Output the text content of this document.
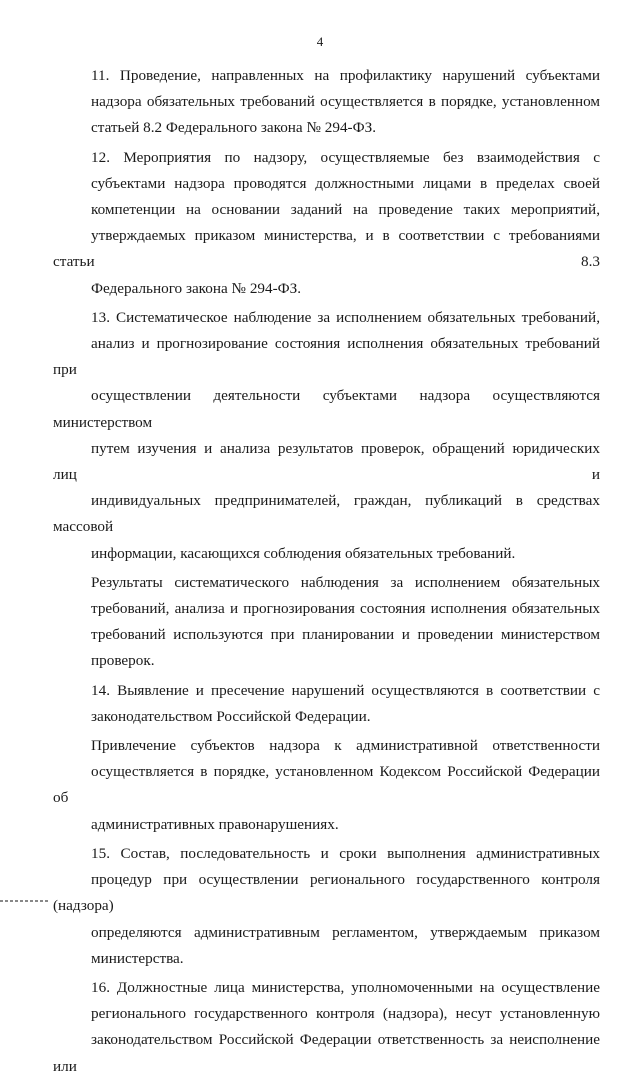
4

11. Проведение, направленных на профилактику нарушений субъектами
надзора обязательных требований осуществляется в порядке, установленном
статьей 8.2 Федерального закона № 294-ФЗ.

12. Мероприятия по надзору, осуществляемые без взаимодействия с
субъектами надзора проводятся должностными лицами в пределах своей
компетенции на основании заданий на проведение таких мероприятий,
утверждаемых приказом министерства, и в соответствии с требованиями статьи 8.3
Федерального закона № 294-ФЗ.

13. Систематическое наблюдение за исполнением обязательных требований,
анализ и прогнозирование состояния исполнения обязательных требований при
осуществлении деятельности субъектами надзора осуществляются министерством
путем изучения и анализа результатов проверок, обращений юридических лиц и
индивидуальных предпринимателей, граждан, публикаций в средствах массовой
информации, касающихся соблюдения обязательных требований.

Результаты систематического наблюдения за исполнением обязательных
требований, анализа и прогнозирования состояния исполнения обязательных
требований используются при планировании и проведении министерством
проверок.

14. Выявление и пресечение нарушений осуществляются в соответствии с
законодательством Российской Федерации.

Привлечение субъектов надзора к административной ответственности
осуществляется в порядке, установленном Кодексом Российской Федерации об
административных правонарушениях.

15. Состав, последовательность и сроки выполнения административных
процедур при осуществлении регионального государственного контроля (надзора)
определяются административным регламентом, утверждаемым приказом
министерства.

16. Должностные лица министерства, уполномоченными на осуществление
регионального государственного контроля (надзора), несут установленную
законодательством Российской Федерации ответственность за неисполнение или
